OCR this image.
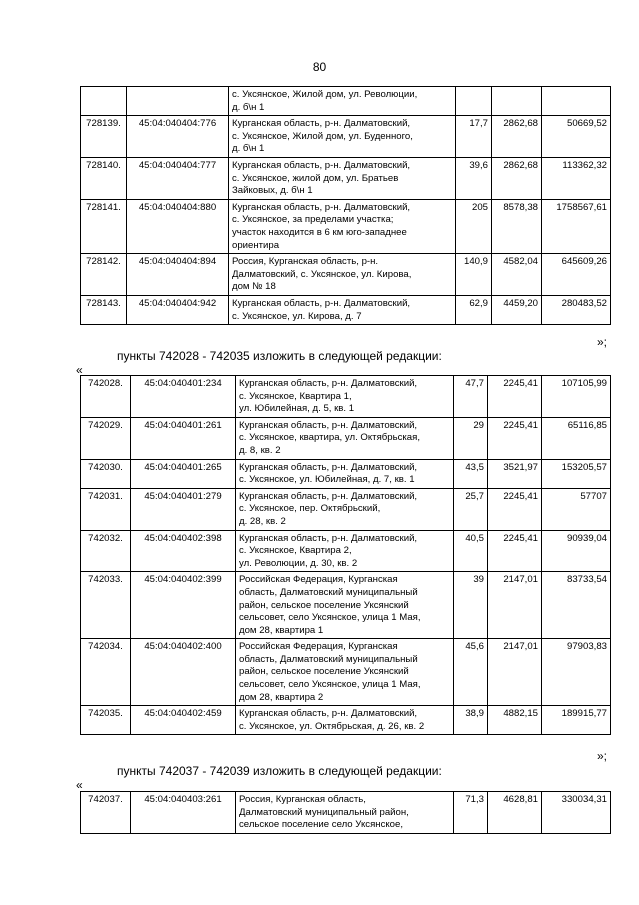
80
		с. Уксянское, Жилой дом, ул. Революции,
д. б\н 1			
728139.	45:04:040404:776	Курганская область, р-н. Далматовский,
с. Уксянское, Жилой дом, ул. Буденного,
д. б\н 1	17,7	2862,68	50669,52
728140.	45:04:040404:777	Курганская область, р-н. Далматовский,
с. Уксянское, жилой дом, ул. Братьев
Зайковых, д. б\н 1	39,6	2862,68	113362,32
728141.	45:04:040404:880	Курганская область, р-н. Далматовский,
с. Уксянское, за пределами участка;
участок находится в 6 км юго-западнее
ориентира	205	8578,38	1758567,61
728142.	45:04:040404:894	Россия, Курганская область, р-н.
Далматовский, с. Уксянское, ул. Кирова,
дом № 18	140,9	4582,04	645609,26
728143.	45:04:040404:942	Курганская область, р-н. Далматовский,
с. Уксянское, ул. Кирова, д. 7	62,9	4459,20	280483,52
»;
пункты 742028 - 742035 изложить в следующей редакции:
«
742028.	45:04:040401:234	Курганская область, р-н. Далматовский,
с. Уксянское, Квартира 1,
ул. Юбилейная, д. 5, кв. 1	47,7	2245,41	107105,99
742029.	45:04:040401:261	Курганская область, р-н. Далматовский,
с. Уксянское, квартира, ул. Октябрьская,
д. 8, кв. 2	29	2245,41	65116,85
742030.	45:04:040401:265	Курганская область, р-н. Далматовский,
с. Уксянское, ул. Юбилейная, д. 7, кв. 1	43,5	3521,97	153205,57
742031.	45:04:040401:279	Курганская область, р-н. Далматовский,
с. Уксянское, пер. Октябрьский,
д. 28, кв. 2	25,7	2245,41	57707
742032.	45:04:040402:398	Курганская область, р-н. Далматовский,
с. Уксянское, Квартира 2,
ул. Революции, д. 30, кв. 2	40,5	2245,41	90939,04
742033.	45:04:040402:399	Российская Федерация, Курганская
область, Далматовский муниципальный
район, сельское поселение Уксянский
сельсовет, село Уксянское, улица 1 Мая,
дом 28, квартира 1	39	2147,01	83733,54
742034.	45:04:040402:400	Российская Федерация, Курганская
область, Далматовский муниципальный
район, сельское поселение Уксянский
сельсовет, село Уксянское, улица 1 Мая,
дом 28, квартира 2	45,6	2147,01	97903,83
742035.	45:04:040402:459	Курганская область, р-н. Далматовский,
с. Уксянское, ул. Октябрьская, д. 26, кв. 2	38,9	4882,15	189915,77
»;
пункты 742037 - 742039 изложить в следующей редакции:
«
742037.	45:04:040403:261	Россия, Курганская область,
Далматовский муниципальный район,
сельское поселение село Уксянское,	71,3	4628,81	330034,31
